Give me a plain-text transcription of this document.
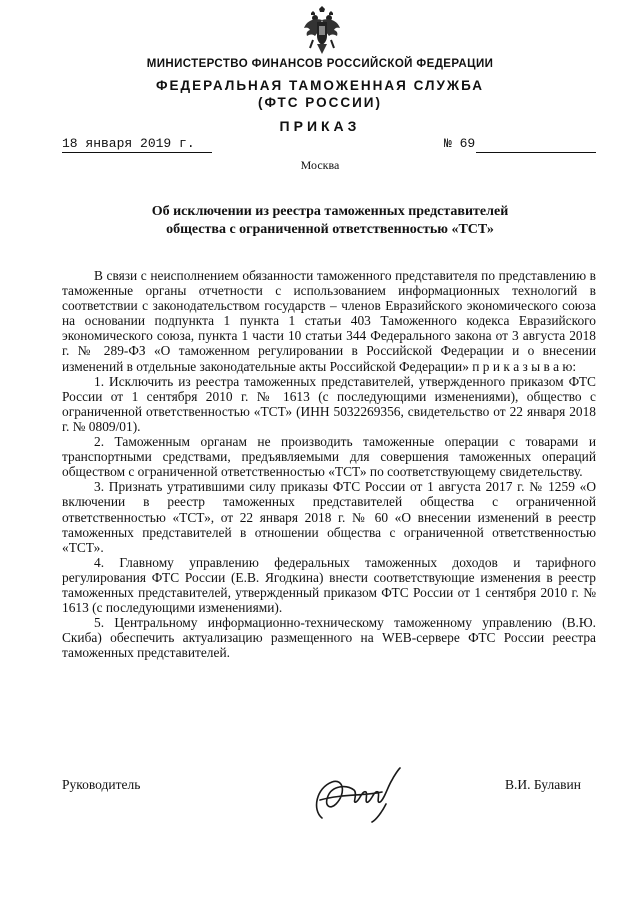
МИНИСТЕРСТВО ФИНАНСОВ РОССИЙСКОЙ ФЕДЕРАЦИИ
ФЕДЕРАЛЬНАЯ ТАМОЖЕННАЯ СЛУЖБА
(ФТС РОССИИ)
ПРИКАЗ
18 января 2019 г.	№ 69
Москва
Об исключении из реестра таможенных представителей
общества с ограниченной ответственностью «ТСТ»

В связи с неисполнением обязанности таможенного представителя по представлению в таможенные органы отчетности с использованием информационных технологий в соответствии с законодательством государств – членов Евразийского экономического союза на основании подпункта 1 пункта 1 статьи 403 Таможенного кодекса Евразийского экономического союза, пункта 1 части 10 статьи 344 Федерального закона от 3 августа 2018 г. № 289-ФЗ «О таможенном регулировании в Российской Федерации и о внесении изменений в отдельные законодательные акты Российской Федерации» п р и к а з ы в а ю:

1. Исключить из реестра таможенных представителей, утвержденного приказом ФТС России от 1 сентября 2010 г. № 1613 (с последующими изменениями), общество с ограниченной ответственностью «ТСТ» (ИНН 5032269356, свидетельство от 22 января 2018 г. № 0809/01).

2. Таможенным органам не производить таможенные операции с товарами и транспортными средствами, предъявляемыми для совершения таможенных операций обществом с ограниченной ответственностью «ТСТ» по соответствующему свидетельству.

3. Признать утратившими силу приказы ФТС России от 1 августа 2017 г. № 1259 «О включении в реестр таможенных представителей общества с ограниченной ответственностью «ТСТ», от 22 января 2018 г. № 60 «О внесении изменений в реестр таможенных представителей в отношении общества с ограниченной ответственностью «ТСТ».

4. Главному управлению федеральных таможенных доходов и тарифного регулирования ФТС России (Е.В. Ягодкина) внести соответствующие изменения в реестр таможенных представителей, утвержденный приказом ФТС России от 1 сентября 2010 г. № 1613 (с последующими изменениями).

5. Центральному информационно-техническому таможенному управлению (В.Ю. Скиба) обеспечить актуализацию размещенного на WEB-сервере ФТС России реестра таможенных представителей.

Руководитель	В.И. Булавин
